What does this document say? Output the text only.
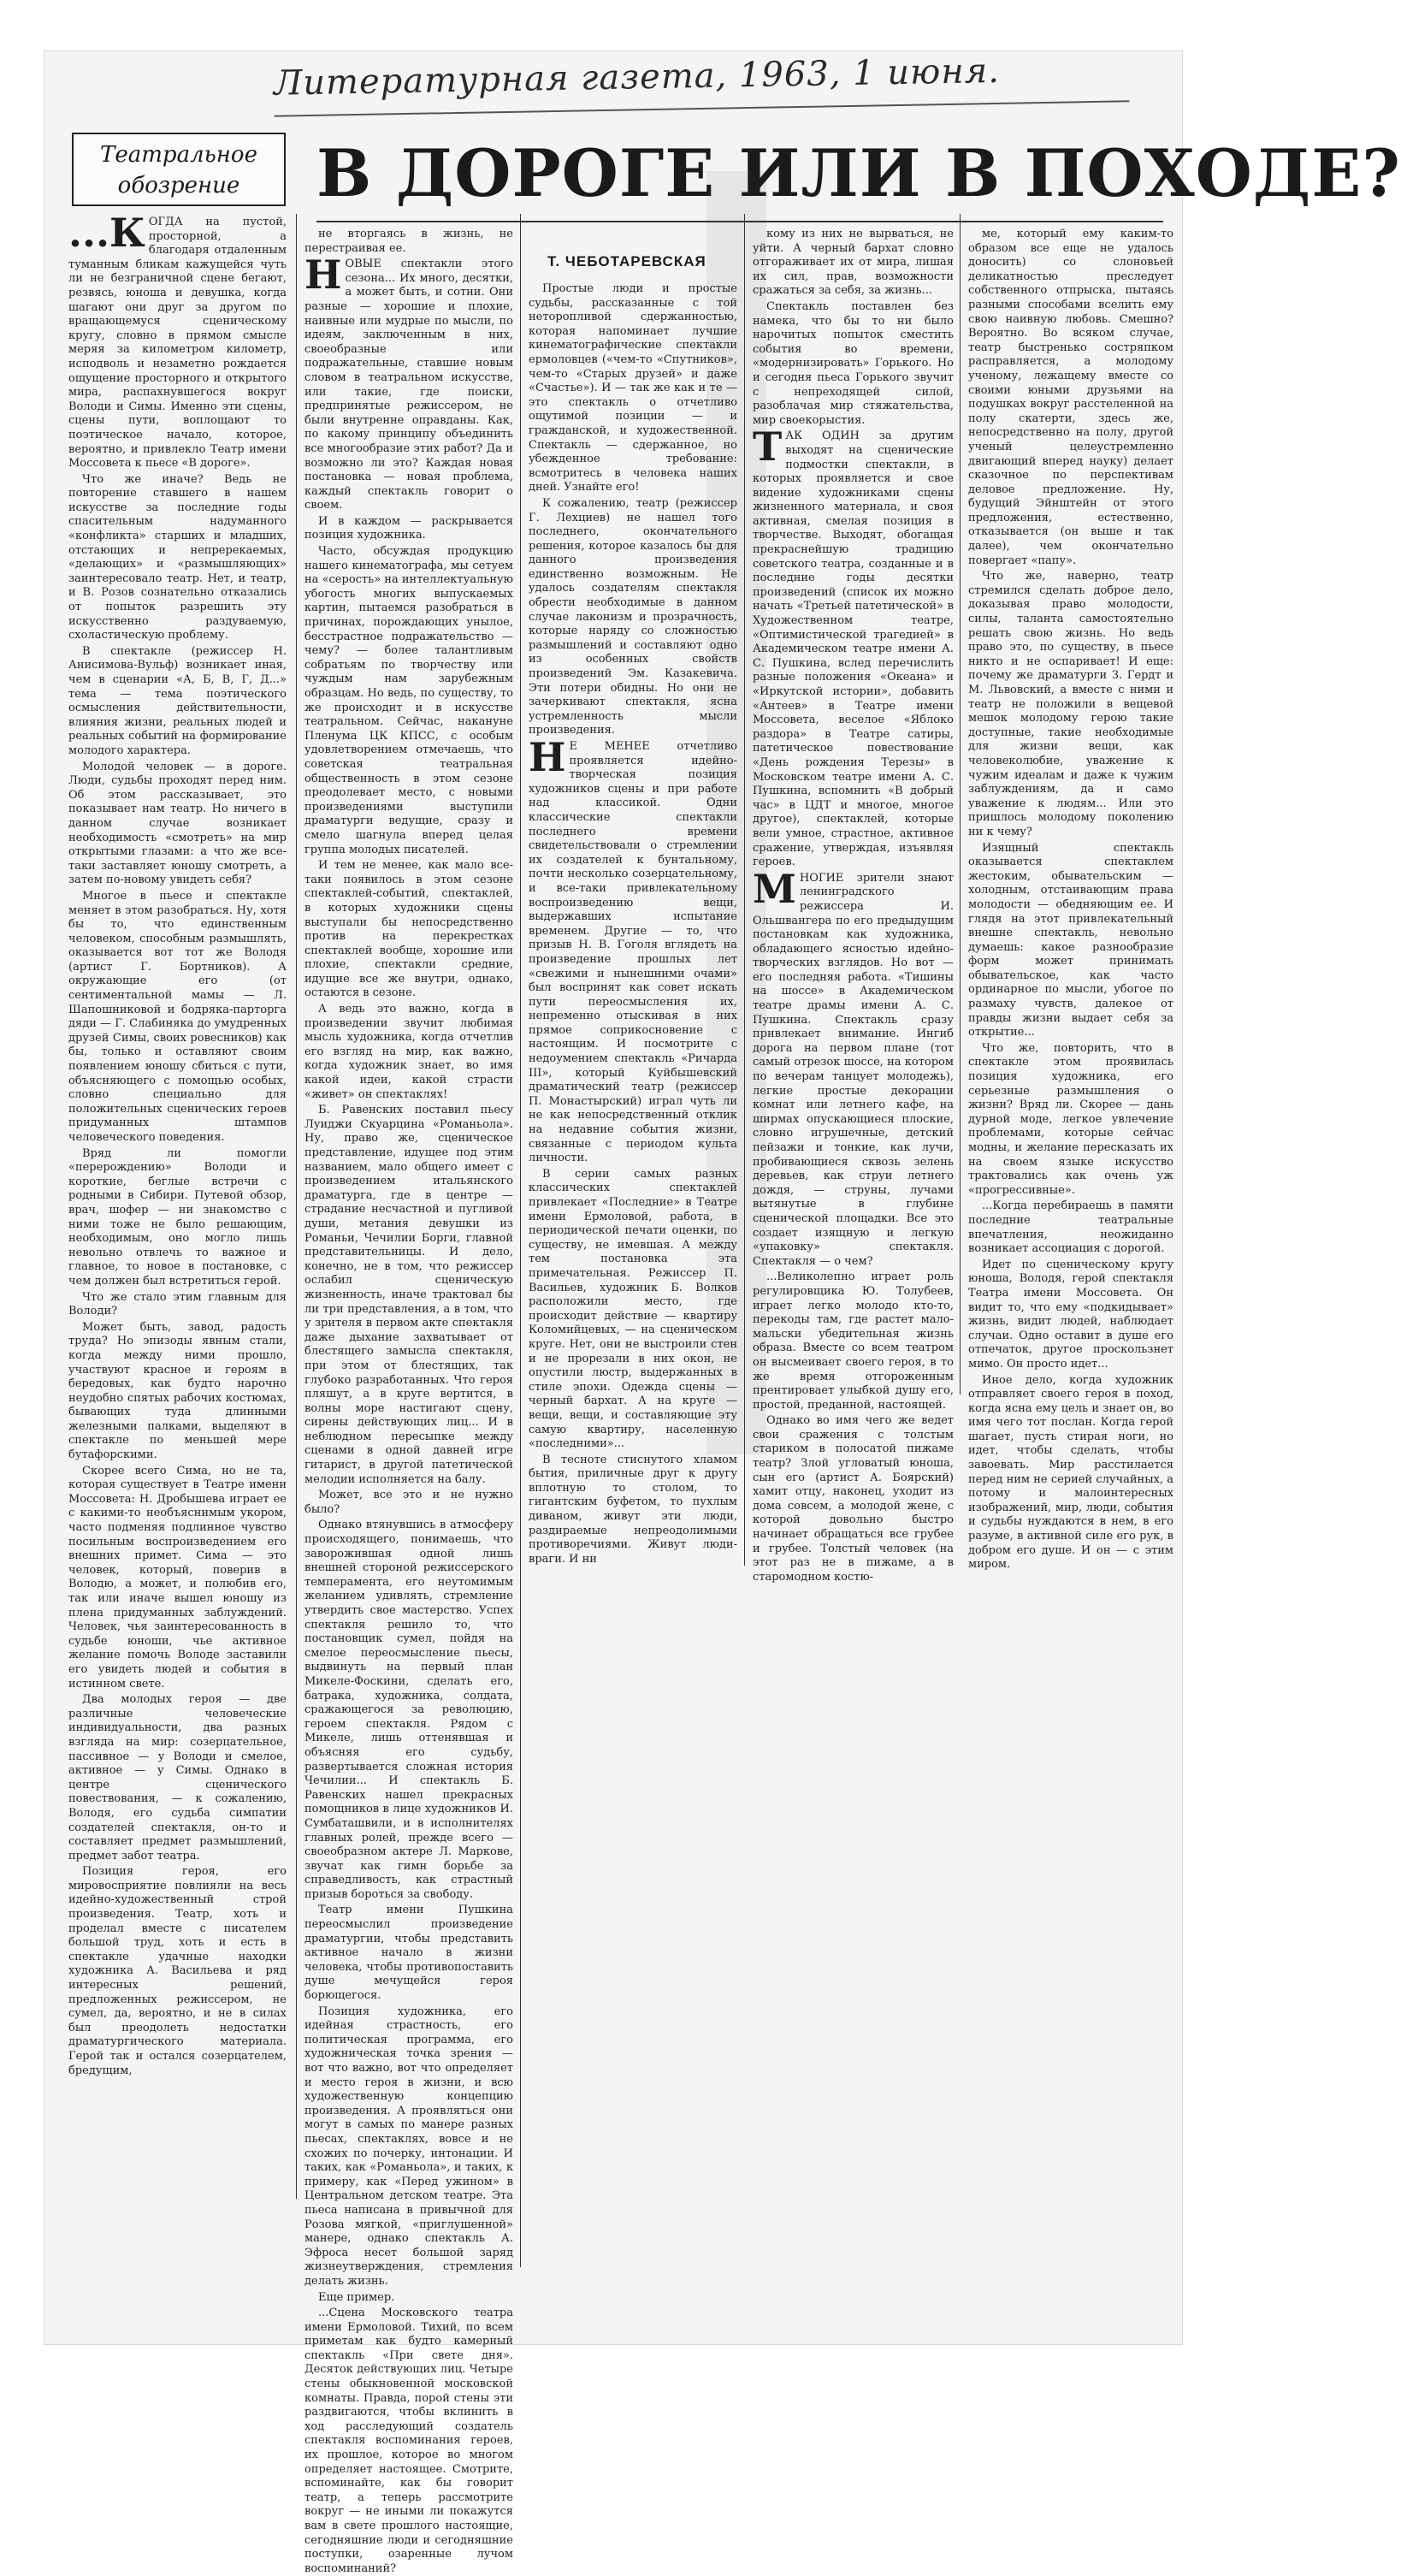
Литературная газета, 1963, 1 июня.
Театральное обозрение	В ДОРОГЕ ИЛИ В ПОХОДЕ?
Т. ЧЕБОТАРЕВСКАЯ

...КОГДА на пустой, просторной, а благодаря отдаленным туманным бликам кажущейся чуть ли не безграничной сцене бегают, резвясь, юноша и девушка, когда шагают они друг за другом по вращающемуся сценическому кругу, словно в прямом смысле меряя за километром километр, исподволь и незаметно рождается ощущение просторного и открытого мира, распахнувшегося вокруг Володи и Симы. Именно эти сцены, сцены пути, воплощают то поэтическое начало, которое, вероятно, и привлекло Театр имени Моссовета к пьесе «В дороге».

Что же иначе? Ведь не повторение ставшего в нашем искусстве за последние годы спасительным надуманного «конфликта» старших и младших, отстающих и непререкаемых, «делающих» и «размышляющих» заинтересовало театр. Нет, и театр, и В. Розов сознательно отказались от попыток разрешить эту искусственно раздуваемую, схоластическую проблему.

В спектакле (режиссер Н. Анисимова-Вульф) возникает иная, чем в сценарии «А, Б, В, Г, Д...» тема — тема поэтического осмысления действительности, влияния жизни, реальных людей и реальных событий на формирование молодого характера.

Молодой человек — в дороге. Люди, судьбы проходят перед ним. Об этом рассказывает, это показывает нам театр. Но ничего в данном случае возникает необходимость «смотреть» на мир открытыми глазами: а что же все-таки заставляет юношу смотреть, а затем по-новому увидеть себя?

Многое в пьесе и спектакле меняет в этом разобраться. Ну, хотя бы то, что единственным человеком, способным размышлять, оказывается вот тот же Володя (артист Г. Бортников). А окружающие его (от сентиментальной мамы — Л. Шапошниковой и бодряка-парторга дяди — Г. Слабиняка до умудренных друзей Симы, своих ровесников) как бы, только и оставляют своим появлением юношу сбиться с пути, объясняющего с помощью особых, словно специально для положительных сценических героев придуманных штампов человеческого поведения.

Вряд ли помогли «перерождению» Володи и короткие, беглые встречи с родными в Сибири. Путевой обзор, врач, шофер — ни знакомство с ними тоже не было решающим, необходимым, оно могло лишь невольно отвлечь то важное и главное, то новое в постановке, с чем должен был встретиться герой.

Что же стало этим главным для Володи?

Может быть, завод, радость труда? Но эпизоды явным стали, когда между ними прошло, участвуют красное и героям в бередовых, как будто нарочно неудобно спятых рабочих костюмах, бывающих туда длинными железными палками, выделяют в спектакле по меньшей мере бутафорскими.

Скорее всего Сима, но не та, которая существует в Театре имени Моссовета: Н. Дробышева играет ее с какими-то необъяснимым укором, часто подменяя подлинное чувство посильным воспроизведением его внешних примет. Сима — это человек, который, поверив в Володю, а может, и полюбив его, так или иначе вышел юношу из плена придуманных заблуждений. Человек, чья заинтересованность в судьбе юноши, чье активное желание помочь Володе заставили его увидеть людей и события в истинном свете.

Два молодых героя — две различные человеческие индивидуальности, два разных взгляда на мир: созерцательное, пассивное — у Володи и смелое, активное — у Симы. Однако в центре сценического повествования, — к сожалению, Володя, его судьба симпатии создателей спектакля, он-то и составляет предмет размышлений, предмет забот театра.

Позиция героя, его мировосприятие повлияли на весь идейно-художественный строй произведения. Театр, хоть и проделал вместе с писателем большой труд, хоть и есть в спектакле удачные находки художника А. Васильева и ряд интересных решений, предложенных режиссером, не сумел, да, вероятно, и не в силах был преодолеть недостатки драматургического материала. Герой так и остался созерцателем, бредущим,

не вторгаясь в жизнь, не перестраивая ее.

НОВЫЕ спектакли этого сезона... Их много, десятки, а может быть, и сотни. Они разные — хорошие и плохие, наивные или мудрые по мысли, по идеям, заключенным в них, своеобразные или подражательные, ставшие новым словом в театральном искусстве, или такие, где поиски, предпринятые режиссером, не были внутренне оправданы. Как, по какому принципу объединить все многообразие этих работ? Да и возможно ли это? Каждая новая постановка — новая проблема, каждый спектакль говорит о своем.

И в каждом — раскрывается позиция художника.

Часто, обсуждая продукцию нашего кинематографа, мы сетуем на «серость» на интеллектуальную убогость многих выпускаемых картин, пытаемся разобраться в причинах, порождающих унылое, бесстрастное подражательство — чему? — более талантливым собратьям по творчеству или чуждым нам зарубежным образцам. Но ведь, по существу, то же происходит и в искусстве театральном. Сейчас, накануне Пленума ЦК КПСС, с особым удовлетворением отмечаешь, что советская театральная общественность в этом сезоне преодолевает место, с новыми произведениями выступили драматурги ведущие, сразу и смело шагнула вперед целая группа молодых писателей.

И тем не менее, как мало все-таки появилось в этом сезоне спектаклей-событий, спектаклей, в которых художники сцены выступали бы непосредственно против на перекрестках спектаклей вообще, хорошие или плохие, спектакли средние, идущие все же внутри, однако, остаются в сезоне.

А ведь это важно, когда в произведении звучит любимая мысль художника, когда отчетлив его взгляд на мир, как важно, когда художник знает, во имя какой идеи, какой страсти «живет» он спектаклях!

Б. Равенских поставил пьесу Луиджи Скуарцина «Романьола». Ну, право же, сценическое представление, идущее под этим названием, мало общего имеет с произведением итальянского драматурга, где в центре — страдание несчастной и пугливой души, метания девушки из Романьи, Чечилии Борги, главной представительницы. И дело, конечно, не в том, что режиссер ослабил сценическую жизненность, иначе трактовал бы ли три представления, а в том, что у зрителя в первом акте спектакля даже дыхание захватывает от блестящего замысла спектакля, при этом от блестящих, так глубоко разработанных. Что героя пляшут, а в круге вертится, в волны море настигают сцену, сирены действующих лиц... И в неблюдном пересыпке между сценами в одной давней игре гитарист, в другой патетической мелодии исполняется на балу.

Может, все это и не нужно было?

Однако втянувшись в атмосферу происходящего, понимаешь, что заворожившая одной лишь внешней стороной режиссерского темперамента, его неутомимым желанием удивлять, стремление утвердить свое мастерство. Успех спектакля решило то, что постановщик сумел, пойдя на смелое переосмысление пьесы, выдвинуть на первый план Микеле-Фоскини, сделать его, батрака, художника, солдата, сражающегося за революцию, героем спектакля. Рядом с Микеле, лишь оттенявшая и объясняя его судьбу, развертывается сложная история Чечилии... И спектакль Б. Равенских нашел прекрасных помощников в лице художников И. Сумбаташвили, и в исполнителях главных ролей, прежде всего — своеобразном актере Л. Маркове, звучат как гимн борьбе за справедливость, как страстный призыв бороться за свободу.

Театр имени Пушкина переосмыслил произведение драматургии, чтобы представить активное начало в жизни человека, чтобы противопоставить душе мечущейся героя борющегося.

Позиция художника, его идейная страстность, его политическая программа, его художническая точка зрения — вот что важно, вот что определяет и место героя в жизни, и всю художественную концепцию произведения. А проявляться они могут в самых по манере разных пьесах, спектаклях, вовсе и не схожих по почерку, интонации. И таких, как «Романьола», и таких, к примеру, как «Перед ужином» в Центральном детском театре. Эта пьеса написана в привычной для Розова мягкой, «приглушенной» манере, однако спектакль А. Эфроса несет большой заряд жизнеутверждения, стремления делать жизнь.

Еще пример.

...Сцена Московского театра имени Ермоловой. Тихий, по всем приметам как будто камерный спектакль «При свете дня». Десяток действующих лиц. Четыре стены обыкновенной московской комнаты. Правда, порой стены эти раздвигаются, чтобы вклинить в ход расследующий создатель спектакля воспоминания героев, их прошлое, которое во многом определяет настоящее. Смотрите, вспоминайте, как бы говорит театр, а теперь рассмотрите вокруг — не иными ли покажутся вам в свете прошлого настоящие, сегодняшние люди и сегодняшние поступки, озаренные лучом воспоминаний?

Простые люди и простые судьбы, рассказанные с той неторопливой сдержанностью, которая напоминает лучшие кинематографические спектакли ермоловцев («чем-то «Спутников», чем-то «Старых друзей» и даже «Счастье»). И — так же как и те — это спектакль о отчетливо ощутимой позиции — и гражданской, и художественной. Спектакль — сдержанное, но убежденное требование: всмотритесь в человека наших дней. Узнайте его!

К сожалению, театр (режиссер Г. Лехциев) не нашел того последнего, окончательного решения, которое казалось бы для данного произведения единственно возможным. Не удалось создателям спектакля обрести необходимые в данном случае лаконизм и прозрачность, которые наряду со сложностью размышлений и составляют одно из особенных свойств произведений Эм. Казакевича. Эти потери обидны. Но они не зачеркивают спектакля, ясна устремленность мысли произведения.

НЕ МЕНЕЕ отчетливо проявляется идейно-творческая позиция художников сцены и при работе над классикой. Одни классические спектакли последнего времени свидетельствовали о стремлении их создателей к бунтальному, почти несколько созерцательному, и все-таки привлекательному воспроизведению вещи, выдержавших испытание временем. Другие — то, что призыв Н. В. Гоголя вглядеть на произведение прошлых лет «свежими и нынешними очами» был воспринят как совет искать пути переосмысления их, непременно отыскивая в них прямое соприкосновение с настоящим. И посмотрите с недоумением спектакль «Ричарда III», который Куйбышевский драматический театр (режиссер П. Монастырский) играл чуть ли не как непосредственный отклик на недавние события жизни, связанные с периодом культа личности.

В серии самых разных классических спектаклей привлекает «Последние» в Театре имени Ермоловой, работа, в периодической печати оценки, по существу, не имевшая. А между тем постановка эта примечательная. Режиссер П. Васильев, художник Б. Волков расположили место, где происходит действие — квартиру Коломийцевых, — на сценическом круге. Нет, они не выстроили стен и не прорезали в них окон, не опустили люстр, выдержанных в стиле эпохи. Одежда сцены — черный бархат. А на круге — вещи, вещи, и составляющие эту самую квартиру, населенную «последними»...

В тесноте стиснутого хламом бытия, приличные друг к другу вплотную то столом, то гигантским буфетом, то пухлым диваном, живут эти люди, раздираемые непреодолимыми противоречиями. Живут люди-враги. И ни

кому из них не вырваться, не уйти. А черный бархат словно отгораживает их от мира, лишая их сил, прав, возможности сражаться за себя, за жизнь...

Спектакль поставлен без намека, что бы то ни было нарочитых попыток сместить события во времени, «модернизировать» Горького. Но и сегодня пьеса Горького звучит с непреходящей силой, разоблачая мир стяжательства, мир своекорыстия.

ТАК ОДИН за другим выходят на сценические подмостки спектакли, в которых проявляется и свое видение художниками сцены жизненного материала, и своя активная, смелая позиция в творчестве. Выходят, обогащая прекраснейшую традицию советского театра, созданные и в последние годы десятки произведений (список их можно начать «Третьей патетической» в Художественном театре, «Оптимистической трагедией» в Академическом театре имени А. С. Пушкина, вслед перечислить разные положения «Океана» и «Иркутской истории», добавить «Антеев» в Театре имени Моссовета, веселое «Яблоко раздора» в Театре сатиры, патетическое повествование «День рождения Терезы» в Московском театре имени А. С. Пушкина, вспомнить «В добрый час» в ЦДТ и многое, многое другое), спектаклей, которые вели умное, страстное, активное сражение, утверждая, изъявляя героев.

МНОГИЕ зрители знают ленинградского режиссера И. Ольшвангера по его предыдущим постановкам как художника, обладающего ясностью идейно-творческих взглядов. Но вот — его последняя работа. «Тишины на шоссе» в Академическом театре драмы имени А. С. Пушкина. Спектакль сразу привлекает внимание. Ингиб дорога на первом плане (тот самый отрезок шоссе, на котором по вечерам танцует молодежь), легкие простые декорации комнат или летнего кафе, на ширмах опускающиеся плоские, словно игрушечные, детский пейзажи и тонкие, как лучи, пробивающиеся сквозь зелень деревьев, как струи летнего дождя, — струны, лучами вытянутые в глубине сценической площадки. Все это создает изящную и легкую «упаковку» спектакля. Спектакля — о чем?

...Великолепно играет роль регулировщика Ю. Толубеев, играет легко молодо кто-то, перекоды там, где растет мало-мальски убедительная жизнь образа. Вместе со всем театром он высмеивает своего героя, в то же время отгороженным прентировает улыбкой душу его, простой, преданной, настоящей.

Однако во имя чего же ведет свои сражения с толстым стариком в полосатой пижаме театр? Злой угловатый юноша, сын его (артист А. Боярский) хамит отцу, наконец, уходит из дома совсем, а молодой жене, с которой довольно быстро начинает обращаться все грубее и грубее. Толстый человек (на этот раз не в пижаме, а в старомодном костю-

ме, который ему каким-то образом все еще не удалось доносить) со слоновьей деликатностью преследует собственного отпрыска, пытаясь разными способами вселить ему свою наивную любовь. Смешно? Вероятно. Во всяком случае, театр быстренько состряпком расправляется, а молодому ученому, лежащему вместе со своими юными друзьями на подушках вокруг расстеленной на полу скатерти, здесь же, непосредственно на полу, другой ученый целеустремленно двигающий вперед науку) делает сказочное по перспективам деловое предложение. Ну, будущий Эйнштейн от этого предложения, естественно, отказывается (он выше и так далее), чем окончательно повергает «папу».

Что же, наверно, театр стремился сделать доброе дело, доказывая право молодости, силы, таланта самостоятельно решать свою жизнь. Но ведь право это, по существу, в пьесе никто и не оспаривает! И еще: почему же драматурги З. Гердт и М. Львовский, а вместе с ними и театр не положили в вещевой мешок молодому герою такие доступные, такие необходимые для жизни вещи, как человеколюбие, уважение к чужим идеалам и даже к чужим заблуждениям, да и само уважение к людям... Или это пришлось молодому поколению ни к чему?

Изящный спектакль оказывается спектаклем жестоким, обывательским — холодным, отстаивающим права молодости — обедняющим ее. И глядя на этот привлекательный внешне спектакль, невольно думаешь: какое разнообразие форм может принимать обывательское, как часто ординарное по мысли, убогое по размаху чувств, далекое от правды жизни выдает себя за открытие...

Что же, повторить, что в спектакле этом проявилась позиция художника, его серьезные размышления о жизни? Вряд ли. Скорее — дань дурной моде, легкое увлечение проблемами, которые сейчас модны, и желание пересказать их на своем языке искусство трактовались как очень уж «прогрессивные».

...Когда перебираешь в памяти последние театральные впечатления, неожиданно возникает ассоциация с дорогой.

Идет по сценическому кругу юноша, Володя, герой спектакля Театра имени Моссовета. Он видит то, что ему «подкидывает» жизнь, видит людей, наблюдает случаи. Одно оставит в душе его отпечаток, другое проскользнет мимо. Он просто идет...

Иное дело, когда художник отправляет своего героя в поход, когда ясна ему цель и знает он, во имя чего тот послан. Когда герой шагает, пусть стирая ноги, но идет, чтобы сделать, чтобы завоевать. Мир расстилается перед ним не серией случайных, а потому и малоинтересных изображений, мир, люди, события и судьбы нуждаются в нем, в его разуме, в активной силе его рук, в добром его душе. И он — с этим миром.
